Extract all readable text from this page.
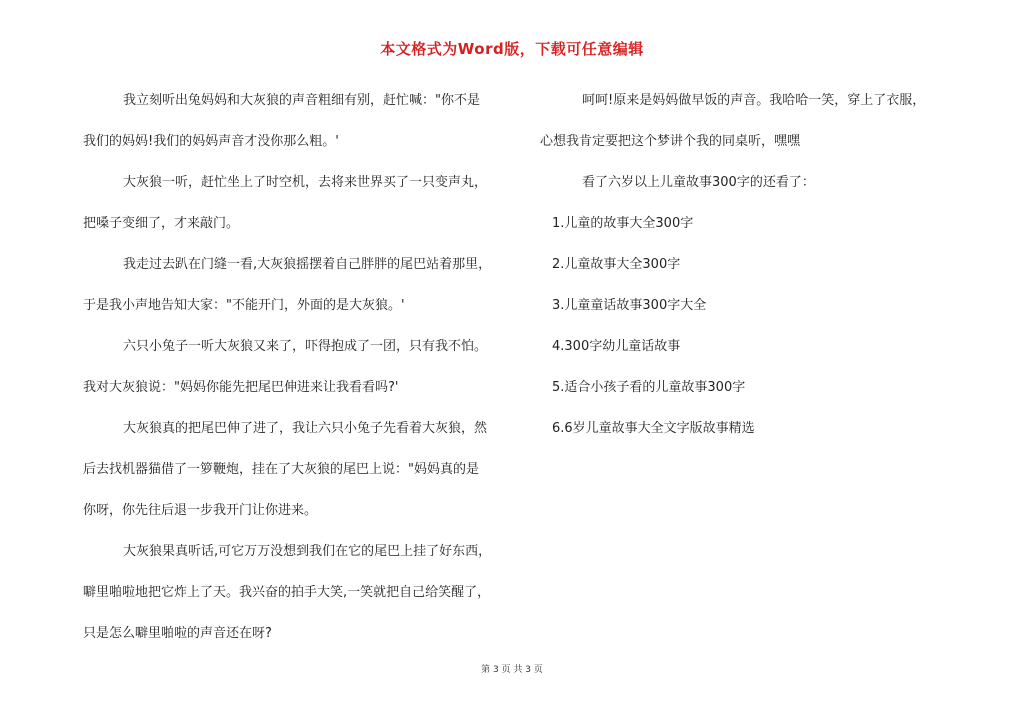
本文格式为Word版，下载可任意编辑
我立刻听出兔妈妈和大灰狼的声音粗细有别，赶忙喊："你不是
我们的妈妈!我们的妈妈声音才没你那么粗。'
大灰狼一听，赶忙坐上了时空机，去将来世界买了一只变声丸，
把嗓子变细了，才来敲门。
我走过去趴在门缝一看,大灰狼摇摆着自己胖胖的尾巴站着那里，
于是我小声地告知大家："不能开门，外面的是大灰狼。'
六只小兔子一听大灰狼又来了，吓得抱成了一团，只有我不怕。
我对大灰狼说："妈妈你能先把尾巴伸进来让我看看吗?'
大灰狼真的把尾巴伸了进了，我让六只小兔子先看着大灰狼，然
后去找机器猫借了一箩鞭炮，挂在了大灰狼的尾巴上说："妈妈真的是
你呀，你先往后退一步我开门让你进来。
大灰狼果真听话,可它万万没想到我们在它的尾巴上挂了好东西，
噼里啪啦地把它炸上了天。我兴奋的拍手大笑,一笑就把自己给笑醒了，
只是怎么噼里啪啦的声音还在呀?
呵呵!原来是妈妈做早饭的声音。我哈哈一笑，穿上了衣服，
心想我肯定要把这个梦讲个我的同桌听，嘿嘿
看了六岁以上儿童故事300字的还看了：
1.儿童的故事大全300字
2.儿童故事大全300字
3.儿童童话故事300字大全
4.300字幼儿童话故事
5.适合小孩子看的儿童故事300字
6.6岁儿童故事大全文字版故事精选
第 3 页 共 3 页
